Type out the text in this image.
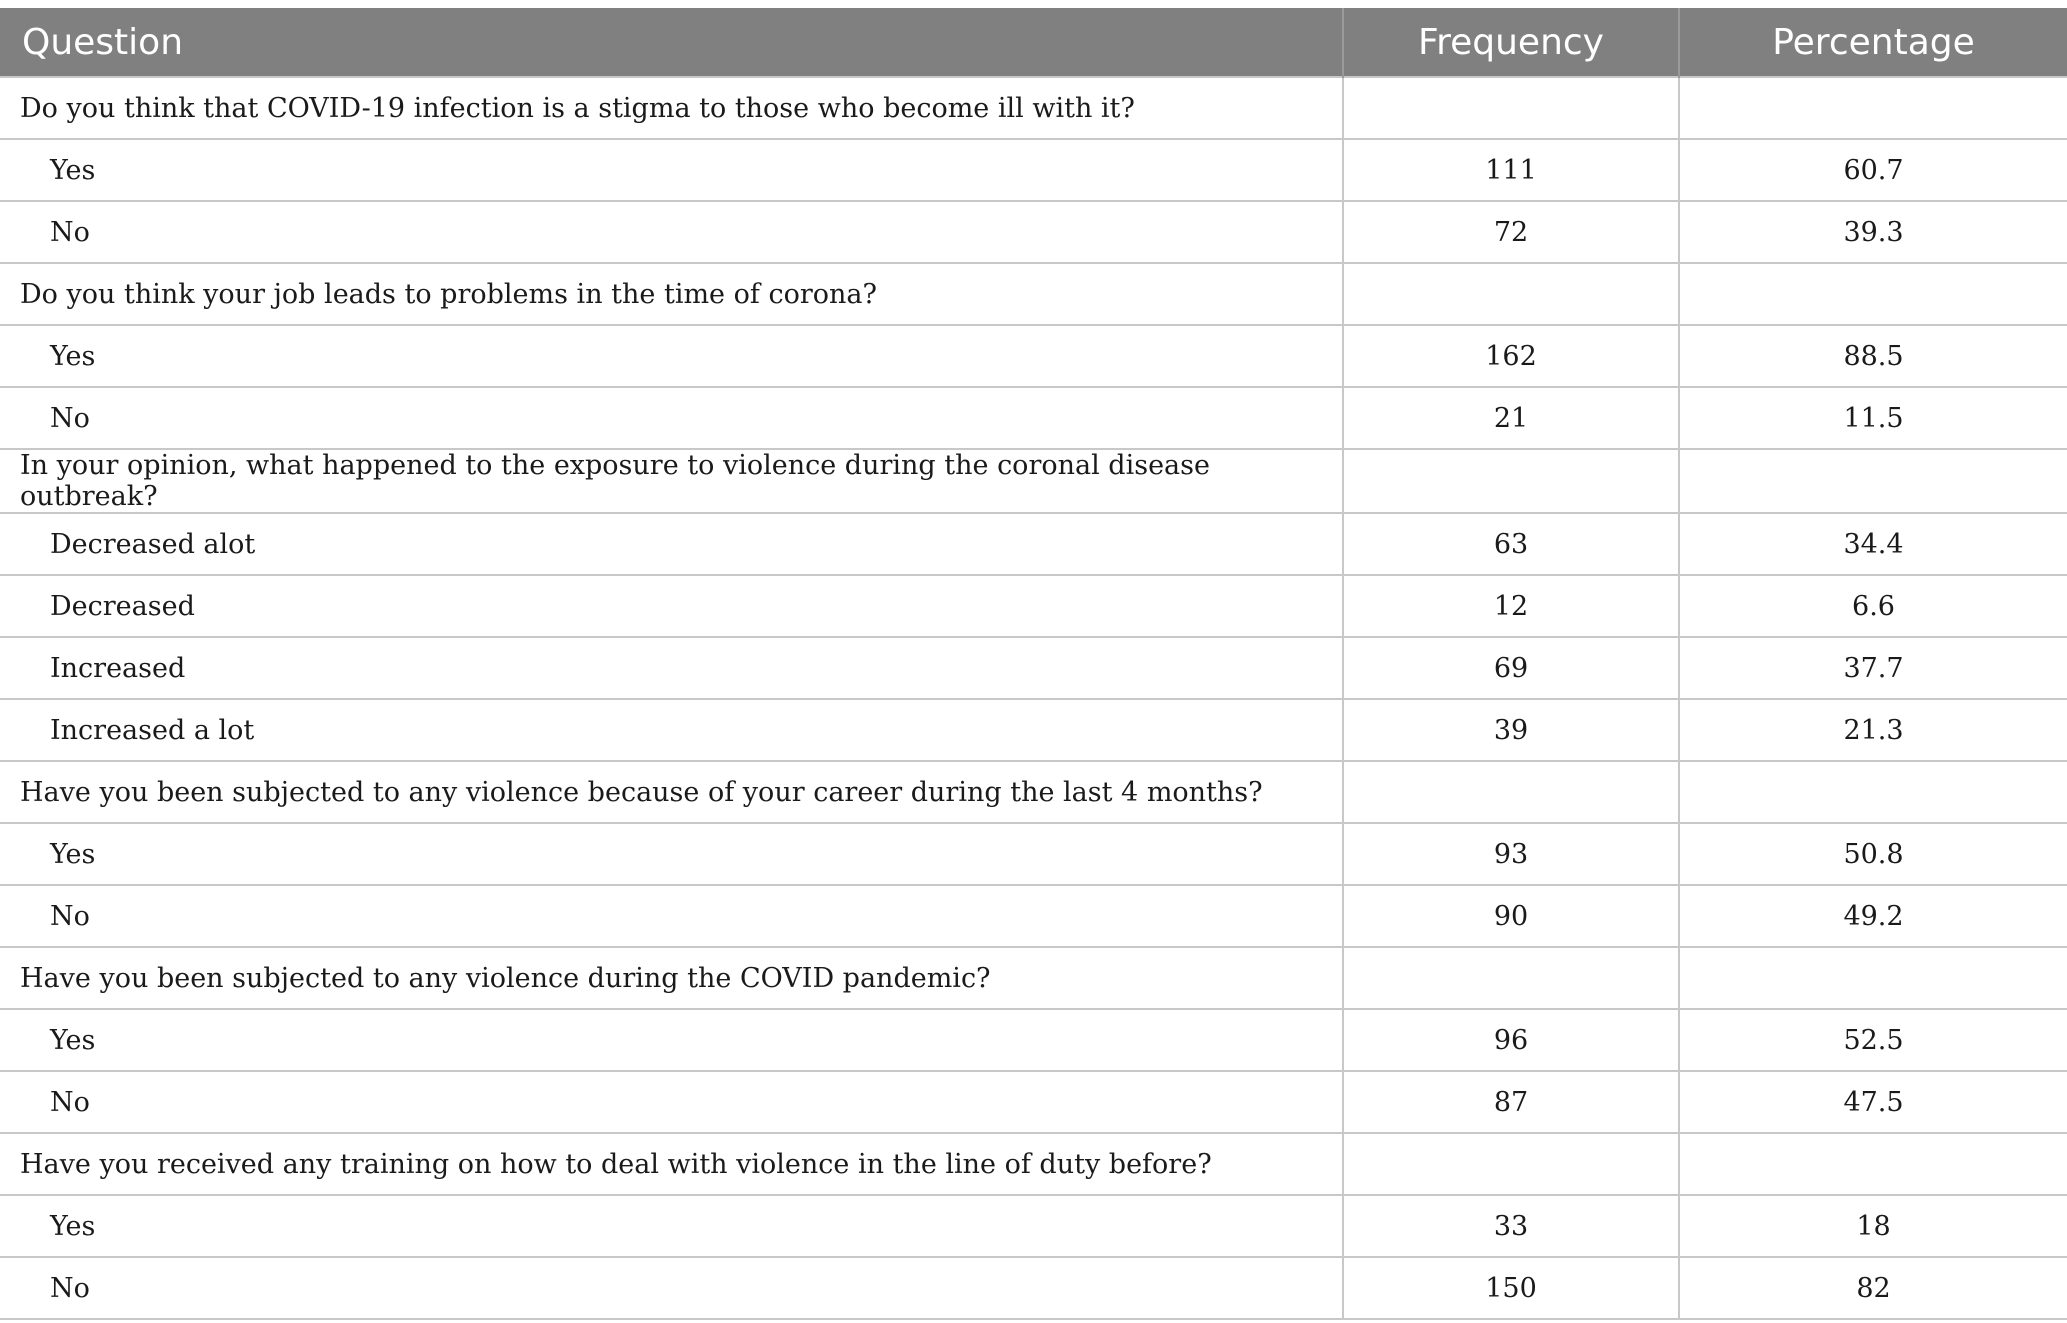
Question	Frequency	Percentage
Do you think that COVID-19 infection is a stigma to those who become ill with it?		
Yes	111	60.7
No	72	39.3
Do you think your job leads to problems in the time of corona?		
Yes	162	88.5
No	21	11.5
In your opinion, what happened to the exposure to violence during the coronal disease outbreak?		
Decreased alot	63	34.4
Decreased	12	6.6
Increased	69	37.7
Increased a lot	39	21.3
Have you been subjected to any violence because of your career during the last 4 months?		
Yes	93	50.8
No	90	49.2
Have you been subjected to any violence during the COVID pandemic?		
Yes	96	52.5
No	87	47.5
Have you received any training on how to deal with violence in the line of duty before?		
Yes	33	18
No	150	82
